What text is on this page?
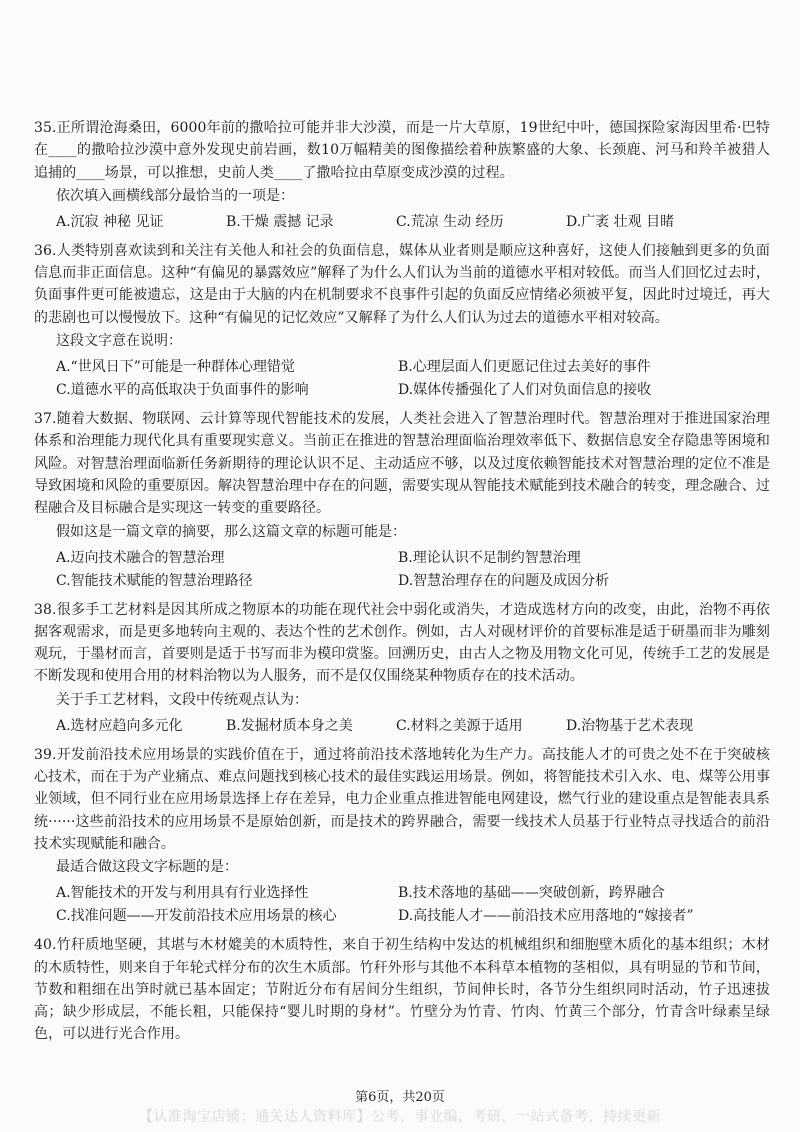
35.正所谓沧海桑田，6000年前的撒哈拉可能并非大沙漠，而是一片大草原，19世纪中叶，德国探险家海因里希·巴特在____的撒哈拉沙漠中意外发现史前岩画，数10万幅精美的图像描绘着种族繁盛的大象、长颈鹿、河马和羚羊被猎人追捕的____场景，可以推想，史前人类____了撒哈拉由草原变成沙漠的过程。
依次填入画横线部分最恰当的一项是：
A.沉寂 神秘 见证	B.干燥 震撼 记录	C.荒凉 生动 经历	D.广袤 壮观 目睹
36.人类特别喜欢读到和关注有关他人和社会的负面信息，媒体从业者则是顺应这种喜好，这使人们接触到更多的负面信息而非正面信息。这种“有偏见的暴露效应”解释了为什么人们认为当前的道德水平相对较低。而当人们回忆过去时，负面事件更可能被遗忘，这是由于大脑的内在机制要求不良事件引起的负面反应情绪必须被平复，因此时过境迁，再大的悲剧也可以慢慢放下。这种“有偏见的记忆效应”又解释了为什么人们认为过去的道德水平相对较高。
这段文字意在说明：
A.“世风日下”可能是一种群体心理错觉	B.心理层面人们更愿记住过去美好的事件
C.道德水平的高低取决于负面事件的影响	D.媒体传播强化了人们对负面信息的接收
37.随着大数据、物联网、云计算等现代智能技术的发展，人类社会进入了智慧治理时代。智慧治理对于推进国家治理体系和治理能力现代化具有重要现实意义。当前正在推进的智慧治理面临治理效率低下、数据信息安全存隐患等困境和风险。对智慧治理面临新任务新期待的理论认识不足、主动适应不够，以及过度依赖智能技术对智慧治理的定位不准是导致困境和风险的重要原因。解决智慧治理中存在的问题，需要实现从智能技术赋能到技术融合的转变，理念融合、过程融合及目标融合是实现这一转变的重要路径。
假如这是一篇文章的摘要，那么这篇文章的标题可能是：
A.迈向技术融合的智慧治理	B.理论认识不足制约智慧治理
C.智能技术赋能的智慧治理路径	D.智慧治理存在的问题及成因分析
38.很多手工艺材料是因其所成之物原本的功能在现代社会中弱化或消失，才造成选材方向的改变，由此，治物不再依据客观需求，而是更多地转向主观的、表达个性的艺术创作。例如，古人对砚材评价的首要标准是适于研墨而非为雕刻观玩，于墨材而言，首要则是适于书写而非为模印赏鉴。回溯历史，由古人之物及用物文化可见，传统手工艺的发展是不断发现和使用合用的材料治物以为人服务，而不是仅仅围绕某种物质存在的技术活动。
关于手工艺材料，文段中传统观点认为：
A.选材应趋向多元化	B.发掘材质本身之美	C.材料之美源于适用	D.治物基于艺术表现
39.开发前沿技术应用场景的实践价值在于，通过将前沿技术落地转化为生产力。高技能人才的可贵之处不在于突破核心技术，而在于为产业痛点、难点问题找到核心技术的最佳实践运用场景。例如，将智能技术引入水、电、煤等公用事业领域，但不同行业在应用场景选择上存在差异，电力企业重点推进智能电网建设，燃气行业的建设重点是智能表具系统······这些前沿技术的应用场景不是原始创新，而是技术的跨界融合，需要一线技术人员基于行业特点寻找适合的前沿技术实现赋能和融合。
最适合做这段文字标题的是：
A.智能技术的开发与利用具有行业选择性	B.技术落地的基础——突破创新，跨界融合
C.找准问题——开发前沿技术应用场景的核心	D.高技能人才——前沿技术应用落地的“嫁接者”
40.竹秆质地坚硬，其堪与木材媲美的木质特性，来自于初生结构中发达的机械组织和细胞壁木质化的基本组织；木材的木质特性，则来自于年轮式样分布的次生木质部。竹秆外形与其他不本科草本植物的茎相似，具有明显的节和节间，节数和粗细在出笋时就已基本固定；节附近分布有居间分生组织，节间伸长时，各节分生组织同时活动，竹子迅速拔高；缺少形成层，不能长粗，只能保持“婴儿时期的身材”。竹壁分为竹青、竹肉、竹黄三个部分，竹青含叶绿素呈绿色，可以进行光合作用。
第6页，共20页
【认准淘宝店铺：通关达人资料库】公考，事业编，考研，一站式备考，持续更新
